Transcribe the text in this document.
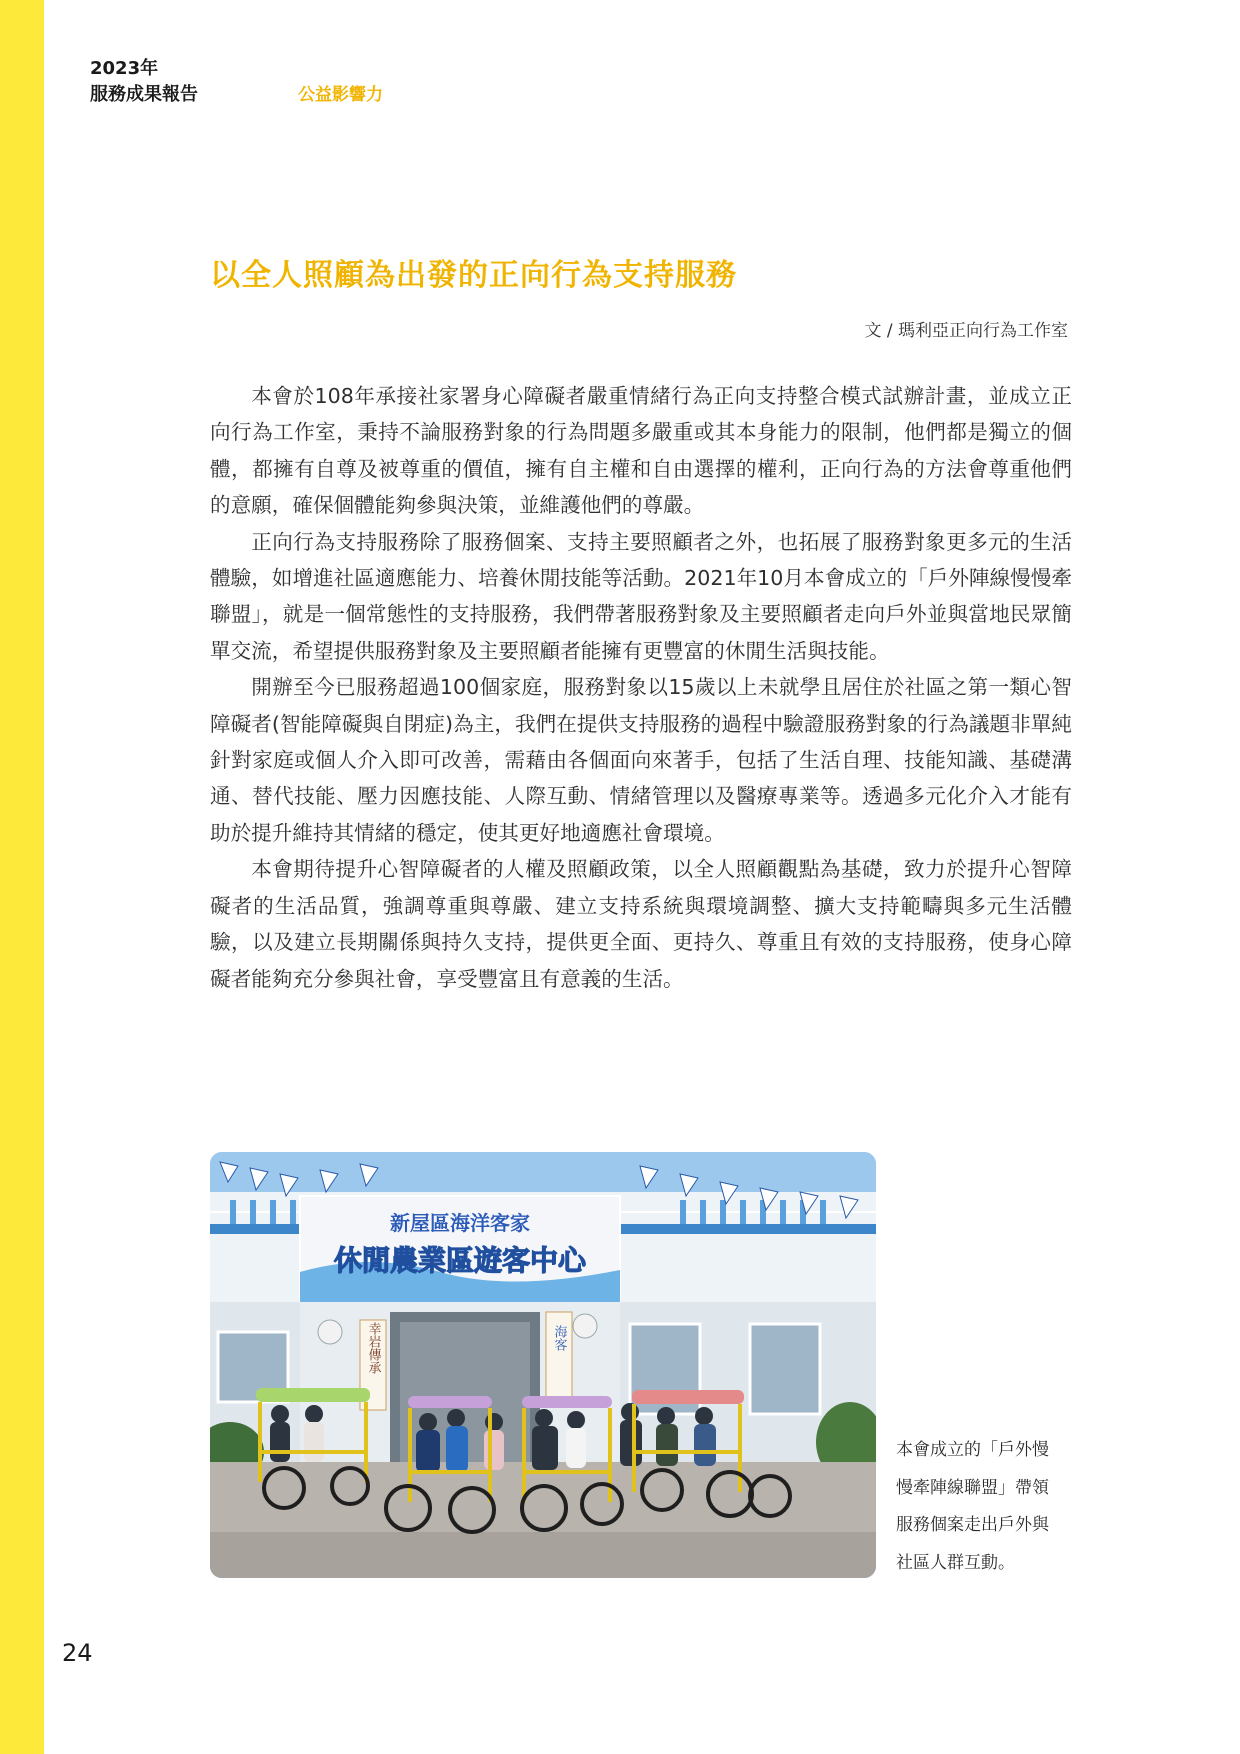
2023年
服務成果報告	公益影響力
以全人照顧為出發的正向行為支持服務
文 / 瑪利亞正向行為工作室

本會於108年承接社家署身心障礙者嚴重情緒行為正向支持整合模式試辦計畫，並成立正向行為工作室，秉持不論服務對象的行為問題多嚴重或其本身能力的限制，他們都是獨立的個體，都擁有自尊及被尊重的價值，擁有自主權和自由選擇的權利，正向行為的方法會尊重他們的意願，確保個體能夠參與決策，並維護他們的尊嚴。

正向行為支持服務除了服務個案、支持主要照顧者之外，也拓展了服務對象更多元的生活體驗，如增進社區適應能力、培養休閒技能等活動。2021年10月本會成立的「戶外陣線慢慢牽聯盟」，就是一個常態性的支持服務，我們帶著服務對象及主要照顧者走向戶外並與當地民眾簡單交流，希望提供服務對象及主要照顧者能擁有更豐富的休閒生活與技能。

開辦至今已服務超過100個家庭，服務對象以15歲以上未就學且居住於社區之第一類心智障礙者(智能障礙與自閉症)為主，我們在提供支持服務的過程中驗證服務對象的行為議題非單純針對家庭或個人介入即可改善，需藉由各個面向來著手，包括了生活自理、技能知識、基礎溝通、替代技能、壓力因應技能、人際互動、情緒管理以及醫療專業等。透過多元化介入才能有助於提升維持其情緒的穩定，使其更好地適應社會環境。

本會期待提升心智障礙者的人權及照顧政策，以全人照顧觀點為基礎，致力於提升心智障礙者的生活品質，強調尊重與尊嚴、建立支持系統與環境調整、擴大支持範疇與多元生活體驗，以及建立長期關係與持久支持，提供更全面、更持久、尊重且有效的支持服務，使身心障礙者能夠充分參與社會，享受豐富且有意義的生活。

新屋區海洋客家
休閒農業區遊客中心
幸岩傳承	海客
本會成立的「戶外慢
慢牽陣線聯盟」帶領
服務個案走出戶外與
社區人群互動。
24
